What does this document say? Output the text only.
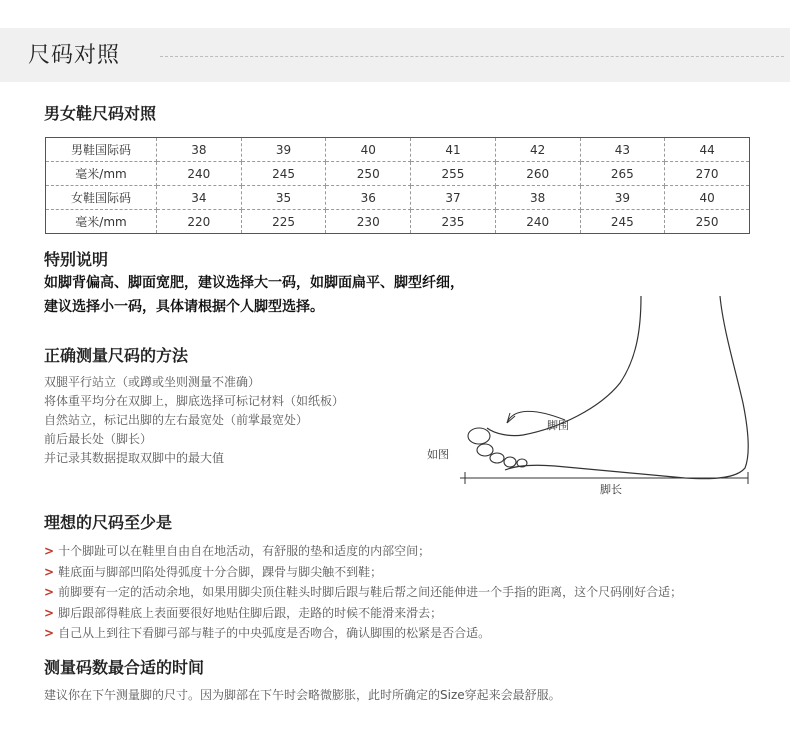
尺码对照
男女鞋尺码对照
男鞋国际码	38	39	40	41	42	43	44
毫米/mm	240	245	250	255	260	265	270
女鞋国际码	34	35	36	37	38	39	40
毫米/mm	220	225	230	235	240	245	250
特别说明
如脚背偏高、脚面宽肥，建议选择大一码，如脚面扁平、脚型纤细，
建议选择小一码，具体请根据个人脚型选择。
正确测量尺码的方法
双腿平行站立（或蹲或坐则测量不准确）
将体重平均分在双脚上，脚底选择可标记材料（如纸板）
自然站立，标记出脚的左右最宽处（前掌最宽处）
前后最长处（脚长）
并记录其数据提取双脚中的最大值
脚围
如图
脚长
理想的尺码至少是
> 十个脚趾可以在鞋里自由自在地活动，有舒服的垫和适度的内部空间；
> 鞋底面与脚部凹陷处得弧度十分合脚，踝骨与脚尖触不到鞋；
> 前脚要有一定的活动余地，如果用脚尖顶住鞋头时脚后跟与鞋后帮之间还能伸进一个手指的距离，这个尺码刚好合适；
> 脚后跟部得鞋底上表面要很好地贴住脚后跟，走路的时候不能滑来滑去；
> 自己从上到往下看脚弓部与鞋子的中央弧度是否吻合，确认脚围的松紧是否合适。
测量码数最合适的时间
建议你在下午测量脚的尺寸。因为脚部在下午时会略微膨胀，此时所确定的Size穿起来会最舒服。
